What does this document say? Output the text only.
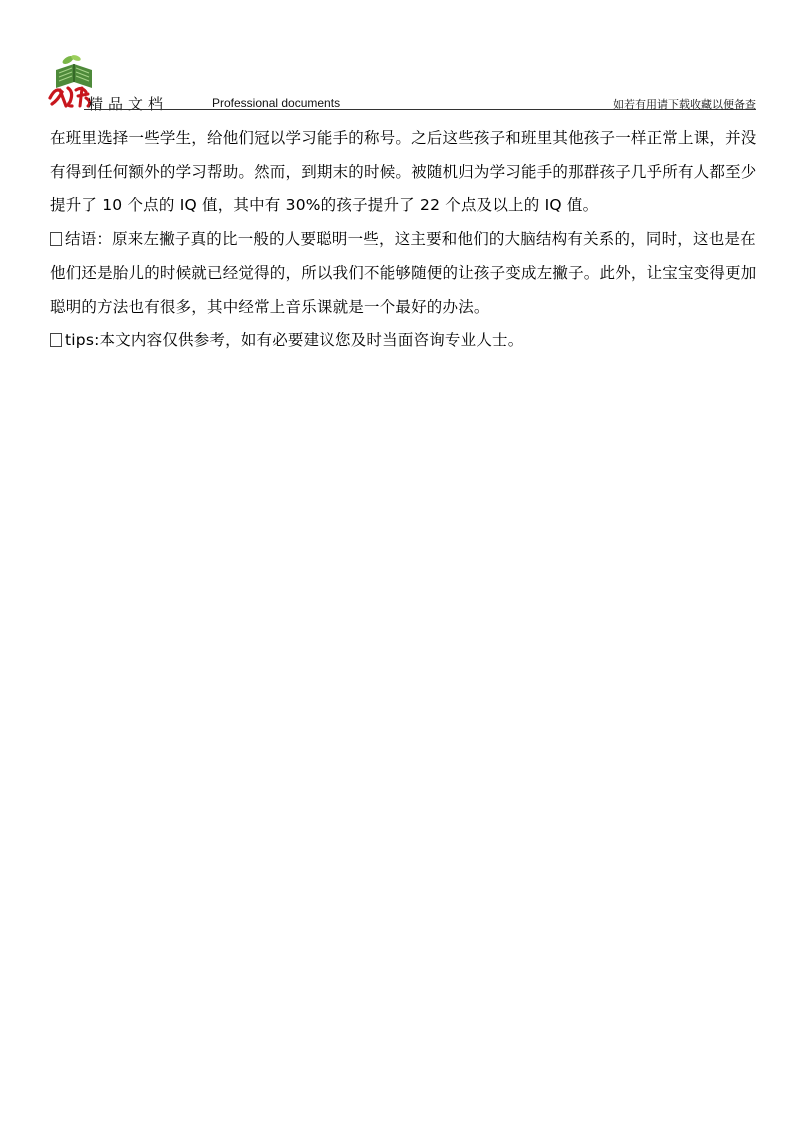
精品文档	Professional documents	如若有用请下载收藏以便备查

在班里选择一些学生，给他们冠以学习能手的称号。之后这些孩子和班里其他孩子一样正常上课，并没有得到任何额外的学习帮助。然而，到期末的时候。被随机归为学习能手的那群孩子几乎所有人都至少提升了 10 个点的 IQ 值，其中有 30%的孩子提升了 22 个点及以上的 IQ 值。

结语：原来左撇子真的比一般的人要聪明一些，这主要和他们的大脑结构有关系的，同时，这也是在他们还是胎儿的时候就已经觉得的，所以我们不能够随便的让孩子变成左撇子。此外，让宝宝变得更加聪明的方法也有很多，其中经常上音乐课就是一个最好的办法。

tips:本文内容仅供参考，如有必要建议您及时当面咨询专业人士。
